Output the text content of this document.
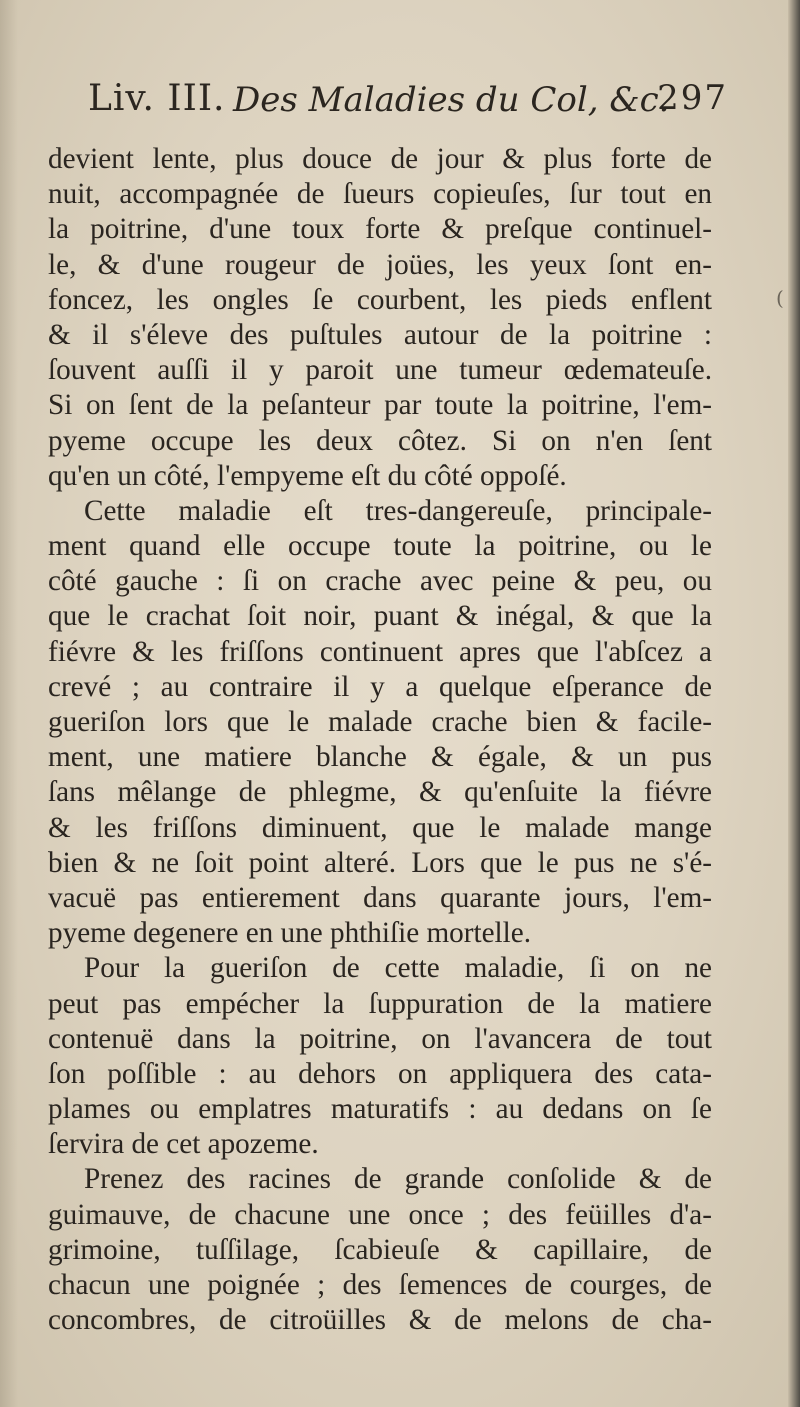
Liv. III. Des Maladies du Col, &c.
297
devient lente, plus douce de jour & plus forte de
nuit, accompagnée de ſueurs copieuſes, ſur tout en
la poitrine, d'une toux forte & preſque continuel-
le, & d'une rougeur de joües, les yeux ſont en-
foncez, les ongles ſe courbent, les pieds enflent
& il s'éleve des puſtules autour de la poitrine :
ſouvent auſſi il y paroit une tumeur œdemateuſe.
Si on ſent de la peſanteur par toute la poitrine, l'em-
pyeme occupe les deux côtez. Si on n'en ſent
qu'en un côté, l'empyeme eſt du côté oppoſé.
Cette maladie eſt tres-dangereuſe, principale-
ment quand elle occupe toute la poitrine, ou le
côté gauche : ſi on crache avec peine & peu, ou
que le crachat ſoit noir, puant & inégal, & que la
fiévre & les friſſons continuent apres que l'abſcez a
crevé ; au contraire il y a quelque eſperance de
gueriſon lors que le malade crache bien & facile-
ment, une matiere blanche & égale, & un pus
ſans mêlange de phlegme, & qu'enſuite la fiévre
& les friſſons diminuent, que le malade mange
bien & ne ſoit point alteré. Lors que le pus ne s'é-
vacuë pas entierement dans quarante jours, l'em-
pyeme degenere en une phthiſie mortelle.
Pour la gueriſon de cette maladie, ſi on ne
peut pas empécher la ſuppuration de la matiere
contenuë dans la poitrine, on l'avancera de tout
ſon poſſible : au dehors on appliquera des cata-
plames ou emplatres maturatifs : au dedans on ſe
ſervira de cet apozeme.
Prenez des racines de grande conſolide & de
guimauve, de chacune une once ; des feüilles d'a-
grimoine, tuſſilage, ſcabieuſe & capillaire, de
chacun une poignée ; des ſemences de courges, de
concombres, de citroüilles & de melons de cha-
(
